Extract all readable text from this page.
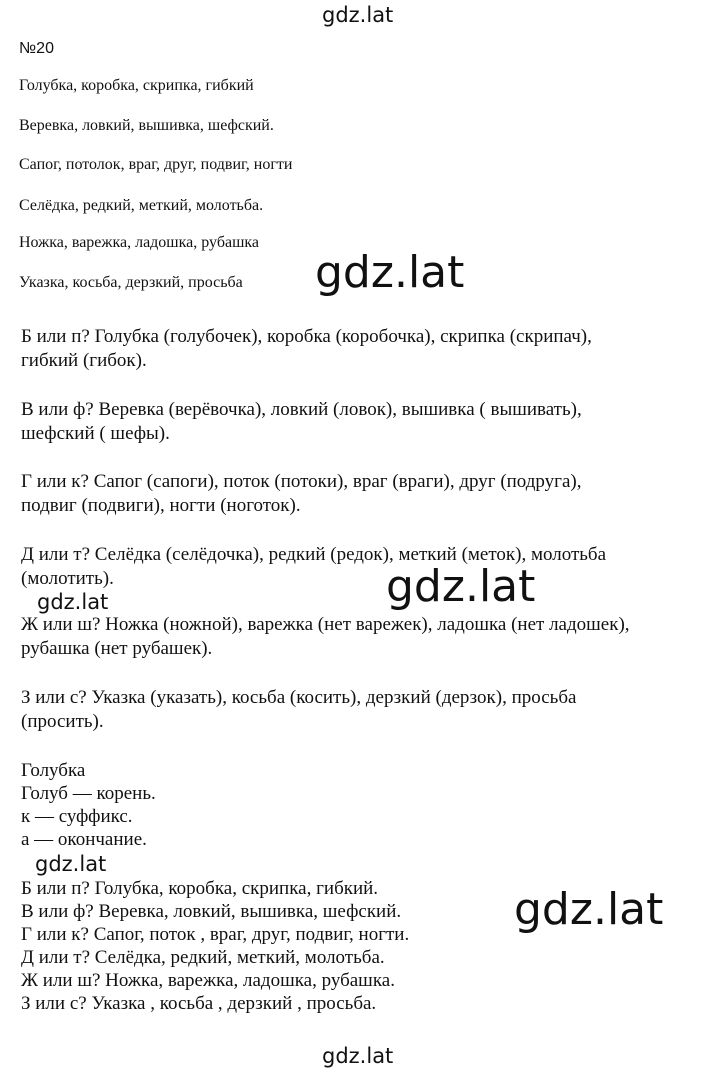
gdz.lat
gdz.lat
gdz.lat
gdz.lat
gdz.lat
gdz.lat
gdz.lat
№20
Голубка, коробка, скрипка, гибкий
Веревка, ловкий, вышивка, шефский.
Сапог, потолок, враг, друг, подвиг, ногти
Селёдка, редкий, меткий, молотьба.
Ножка, варежка, ладошка, рубашка
Указка, косьба, дерзкий, просьба
Б или п? Голубка (голубочек), коробка (коробочка), скрипка (скрипач),
гибкий (гибок).
В или ф? Веревка (верёвочка), ловкий (ловок), вышивка ( вышивать),
шефский ( шефы).
Г или к? Сапог (сапоги), поток (потоки), враг (враги), друг (подруга),
подвиг (подвиги), ногти (ноготок).
Д или т? Селёдка (селёдочка), редкий (редок), меткий (меток), молотьба
(молотить).
Ж или ш? Ножка (ножной), варежка (нет варежек), ладошка (нет ладошек),
рубашка (нет рубашек).
З или с? Указка (указать), косьба (косить), дерзкий (дерзок), просьба
(просить).
Голубка
Голуб — корень.
к — суффикс.
а — окончание.
Б или п? Голубка, коробка, скрипка, гибкий.
В или ф? Веревка, ловкий, вышивка, шефский.
Г или к? Сапог, поток , враг, друг, подвиг, ногти.
Д или т? Селёдка, редкий, меткий, молотьба.
Ж или ш? Ножка, варежка, ладошка, рубашка.
З или с? Указка , косьба , дерзкий , просьба.
